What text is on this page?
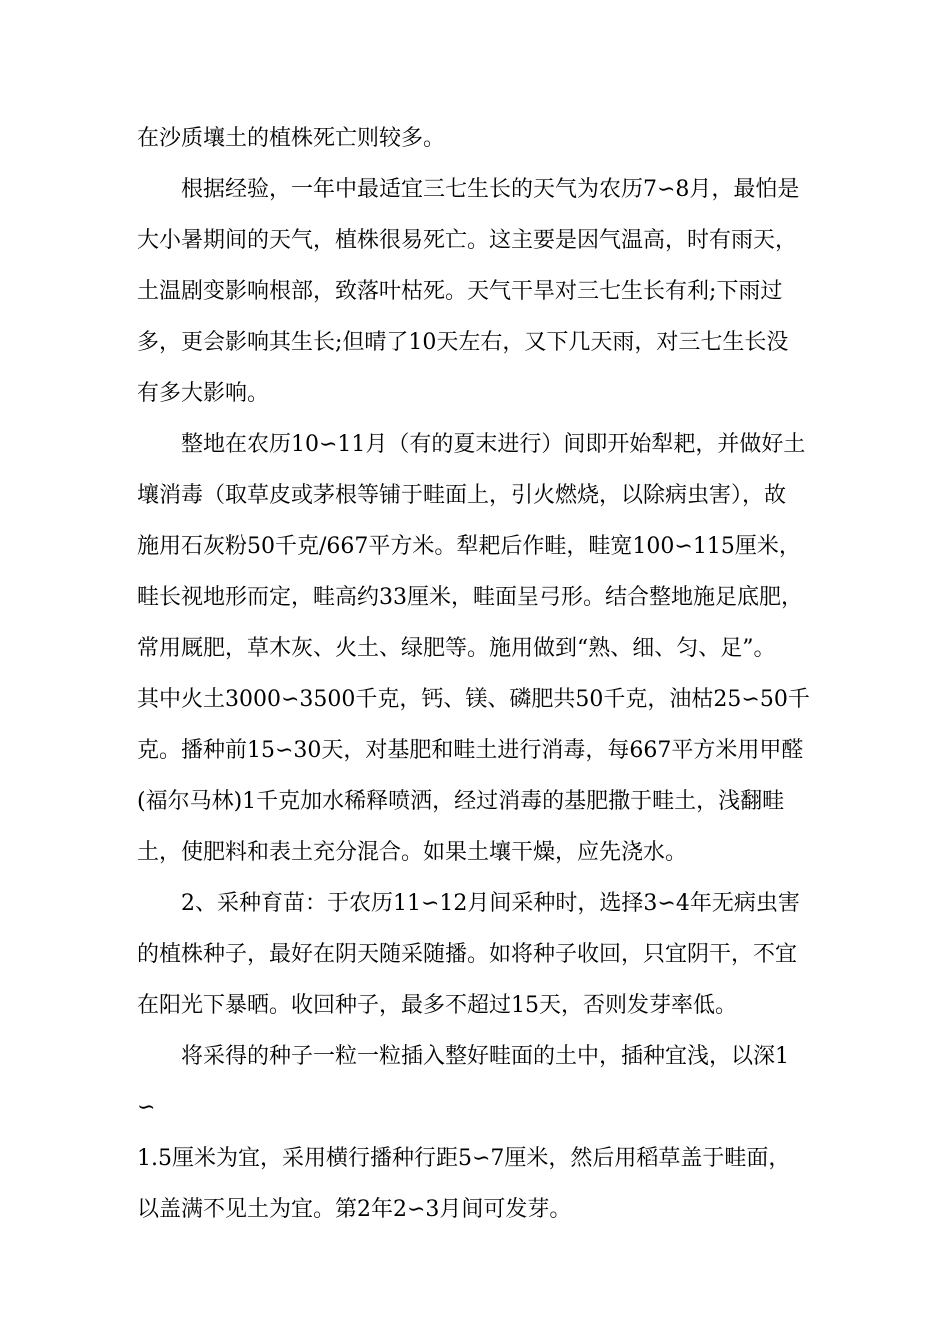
在沙质壤土的植株死亡则较多。

根据经验，一年中最适宜三七生长的天气为农历7∽8月，最怕是

大小暑期间的天气，植株很易死亡。这主要是因气温高，时有雨天，

土温剧变影响根部，致落叶枯死。天气干旱对三七生长有利;下雨过

多，更会影响其生长;但晴了10天左右，又下几天雨，对三七生长没

有多大影响。

整地在农历10∽11月（有的夏末进行）间即开始犁耙，并做好土

壤消毒（取草皮或茅根等铺于畦面上，引火燃烧，以除病虫害），故

施用石灰粉50千克/667平方米。犁耙后作畦，畦宽100∽115厘米，

畦长视地形而定，畦高约33厘米，畦面呈弓形。结合整地施足底肥，

常用厩肥，草木灰、火土、绿肥等。施用做到“熟、细、匀、足”。

其中火土3000∽3500千克，钙、镁、磷肥共50千克，油枯25∽50千

克。播种前15∽30天，对基肥和畦土进行消毒，每667平方米用甲醛

(福尔马林)1千克加水稀释喷洒，经过消毒的基肥撒于畦土，浅翻畦

土，使肥料和表土充分混合。如果土壤干燥，应先浇水。

2、采种育苗：于农历11∽12月间采种时，选择3∽4年无病虫害

的植株种子，最好在阴天随采随播。如将种子收回，只宜阴干，不宜

在阳光下暴晒。收回种子，最多不超过15天，否则发芽率低。

将采得的种子一粒一粒插入整好畦面的土中，插种宜浅，以深1

∽

1.5厘米为宜，采用横行播种行距5∽7厘米，然后用稻草盖于畦面，

以盖满不见土为宜。第2年2∽3月间可发芽。
